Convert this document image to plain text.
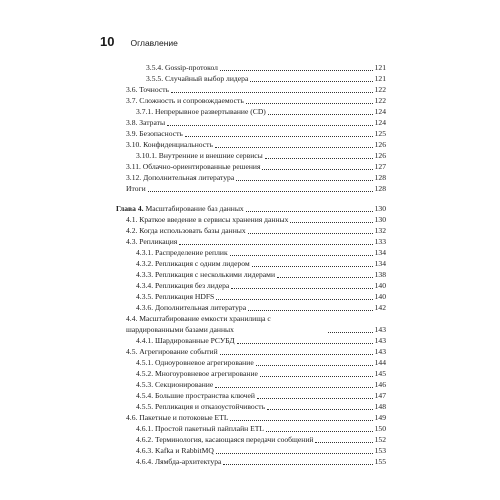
10 Оглавление
3.5.4. Gossip-протокол	121
3.5.5. Случайный выбор лидера	121
3.6. Точность	122
3.7. Сложность и сопровождаемость	122
3.7.1. Непрерывное развертывание (CD)	124
3.8. Затраты	124
3.9. Безопасность	125
3.10. Конфиденциальность	126
3.10.1. Внутренние и внешние сервисы	126
3.11. Облачно-ориентированные решения	127
3.12. Дополнительная литература	128
Итоги	128
Глава 4. Масштабирование баз данных	130
4.1. Краткое введение в сервисы хранения данных	130
4.2. Когда использовать базы данных	132
4.3. Репликация	133
4.3.1. Распределение реплик	134
4.3.2. Репликация с одним лидером	134
4.3.3. Репликация с несколькими лидерами	138
4.3.4. Репликация без лидера	140
4.3.5. Репликация HDFS	140
4.3.6. Дополнительная литература	142
4.4. Масштабирование емкости хранилища с шардированными базами данных	143
4.4.1. Шардированные РСУБД	143
4.5. Агрегирование событий	143
4.5.1. Одноуровневое агрегирование	144
4.5.2. Многоуровневое агрегирование	145
4.5.3. Секционирование	146
4.5.4. Большие пространства ключей	147
4.5.5. Репликация и отказоустойчивость	148
4.6. Пакетные и потоковые ETL	149
4.6.1. Простой пакетный пайплайн ETL	150
4.6.2. Терминология, касающаяся передачи сообщений	152
4.6.3. Kafka и RabbitMQ	153
4.6.4. Лямбда-архитектура	155
